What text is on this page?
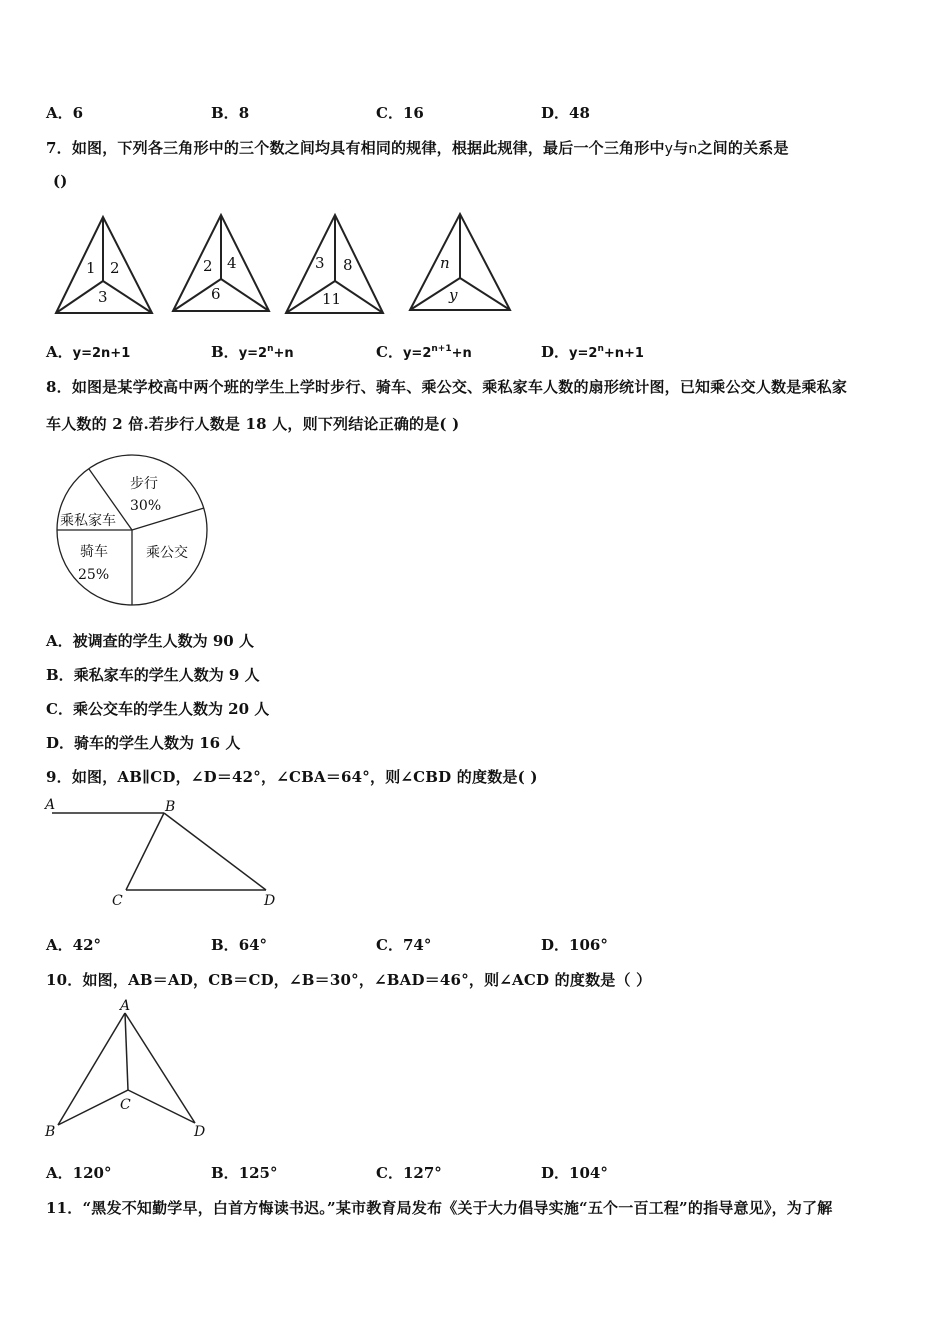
A．6	B．8	C．16	D．48
7．如图，下列各三角形中的三个数之间均具有相同的规律，根据此规律，最后一个三角形中y与n之间的关系是
()
1 2
3
2 4
6
3 8
11
n
y
A．y=2n+1	B．$y=2^n+n$	C．$y=2^{n+1}+n$	D．$y=2^n+n+1$
8．如图是某学校高中两个班的学生上学时步行、骑车、乘公交、乘私家车人数的扇形统计图，已知乘公交人数是乘私家
车人数的 2 倍.若步行人数是 18 人，则下列结论正确的是( )
步行
30%
乘私家车
骑车
25%
乘公交
A．被调查的学生人数为 90 人
B．乘私家车的学生人数为 9 人
C．乘公交车的学生人数为 20 人
D．骑车的学生人数为 16 人
9．如图，AB∥CD，∠D＝42°，∠CBA＝64°，则∠CBD 的度数是( )
A	B
C	D
A．42°	B．64°	C．74°	D．106°
10．如图，AB＝AD，CB＝CD，∠B＝30°，∠BAD＝46°，则∠ACD 的度数是（ ）
A
B
C
D
A．120°	B．125°	C．127°	D．104°
11．“黑发不知勤学早，白首方悔读书迟。”某市教育局发布《关于大力倡导实施“五个一百工程”的指导意见》，为了解
